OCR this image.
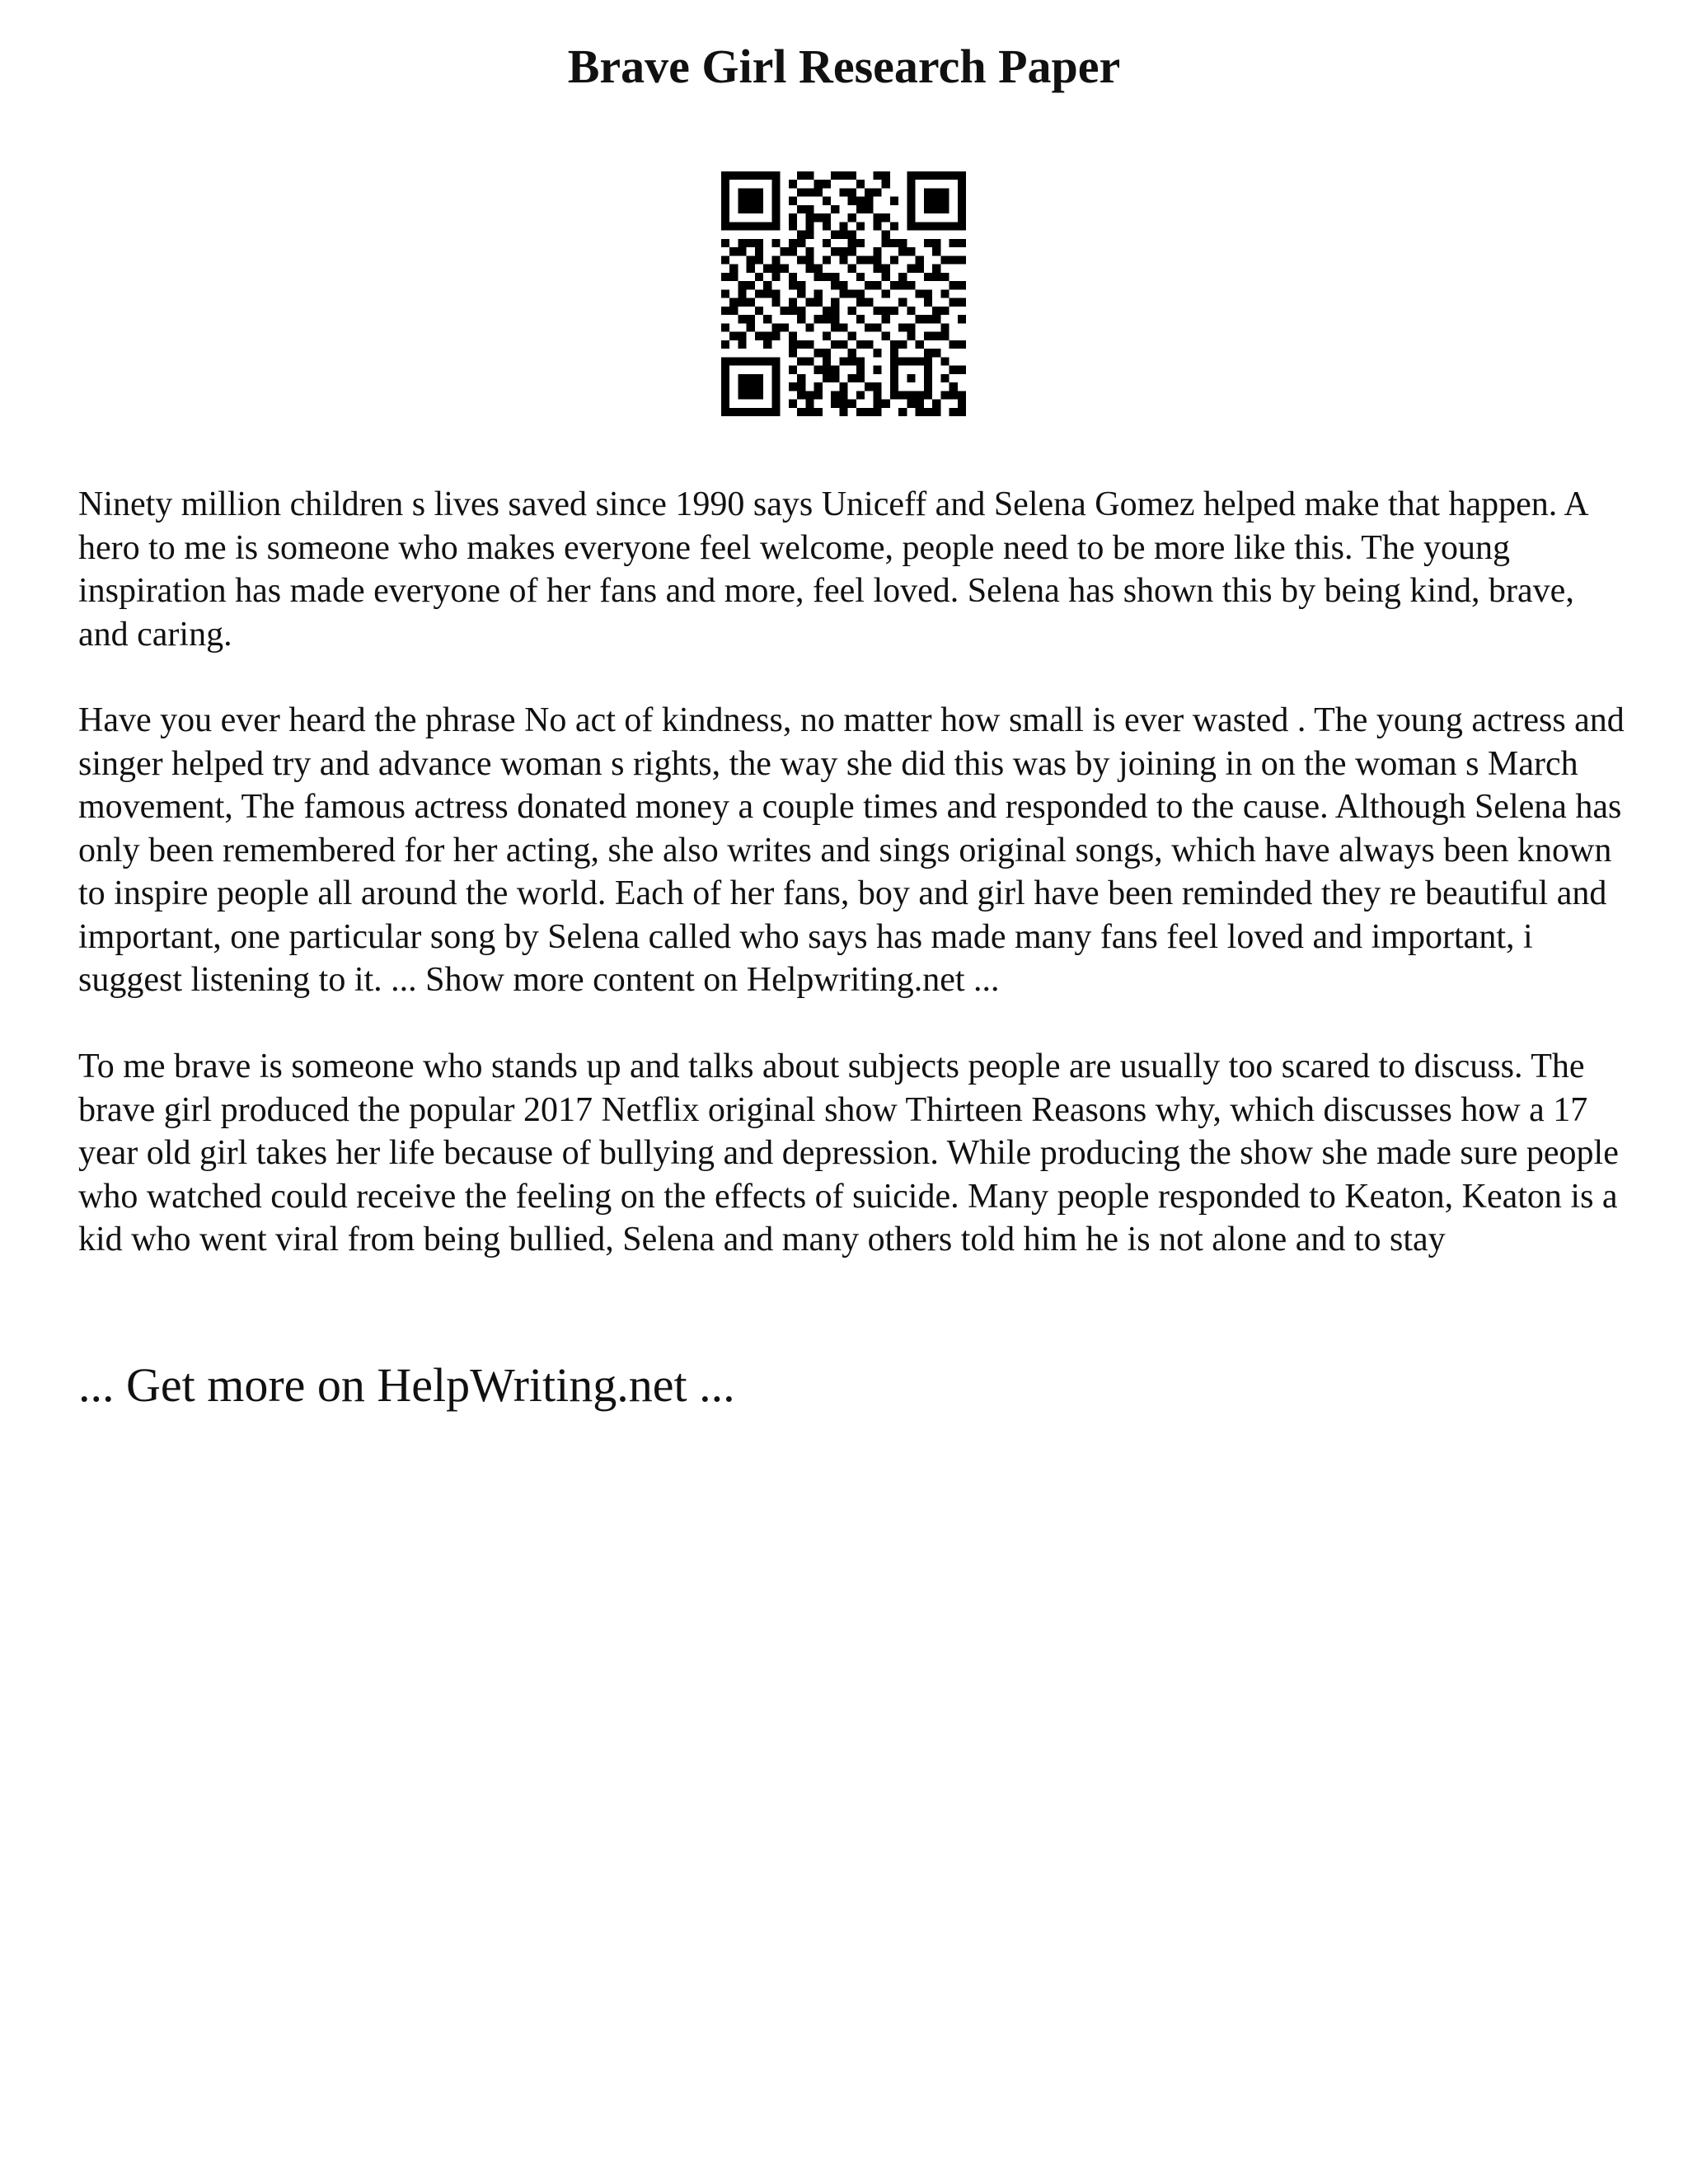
Brave Girl Research Paper

Ninety million children s lives saved since 1990 says Uniceff and Selena Gomez helped make that happen. A hero to me is someone who makes everyone feel welcome, people need to be more like this. The young inspiration has made everyone of her fans and more, feel loved. Selena has shown this by being kind, brave, and caring.

Have you ever heard the phrase No act of kindness, no matter how small is ever wasted . The young actress and singer helped try and advance woman s rights, the way she did this was by joining in on the woman s March movement, The famous actress donated money a couple times and responded to the cause. Although Selena has only been remembered for her acting, she also writes and sings original songs, which have always been known to inspire people all around the world. Each of her fans, boy and girl have been reminded they re beautiful and important, one particular song by Selena called who says has made many fans feel loved and important, i suggest listening to it. ... Show more content on Helpwriting.net ...

To me brave is someone who stands up and talks about subjects people are usually too scared to discuss. The brave girl produced the popular 2017 Netflix original show Thirteen Reasons why, which discusses how a 17 year old girl takes her life because of bullying and depression. While producing the show she made sure people who watched could receive the feeling on the effects of suicide. Many people responded to Keaton, Keaton is a kid who went viral from being bullied, Selena and many others told him he is not alone and to stay

... Get more on HelpWriting.net ...
